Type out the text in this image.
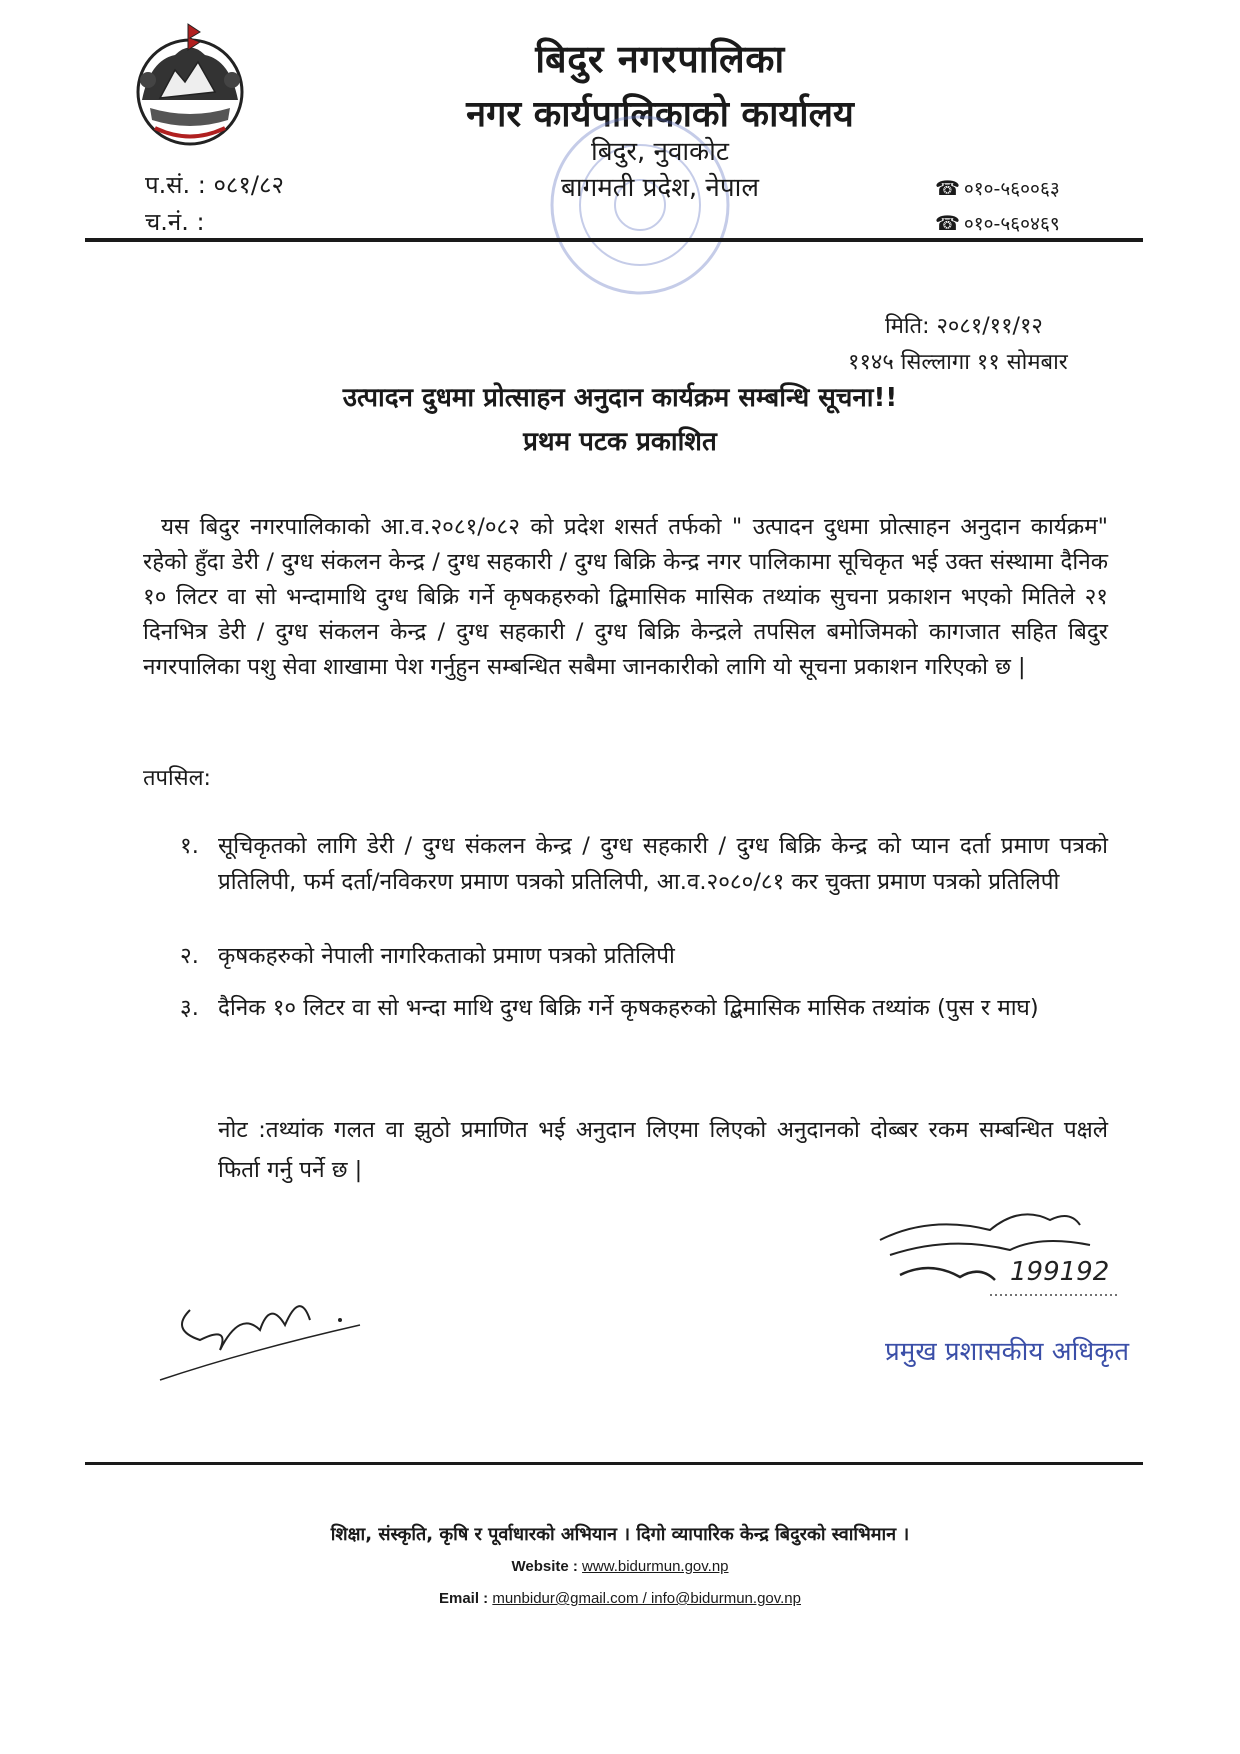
बिदुर नगरपालिका
नगर कार्यपालिकाको कार्यालय
बिदुर, नुवाकोट
बागमती प्रदेश, नेपाल
प.सं. : ०८१/८२
च.नं. :
☎ ०१०-५६००६३
☎ ०१०-५६०४६९
मिति: २०८१/११/१२
११४५ सिल्लागा ११ सोमबार
उत्पादन दुधमा प्रोत्साहन अनुदान कार्यक्रम सम्बन्धि सूचना!!
प्रथम पटक प्रकाशित
यस बिदुर नगरपालिकाको आ.व.२०८१/०८२ को प्रदेश शसर्त तर्फको " उत्पादन दुधमा प्रोत्साहन अनुदान कार्यक्रम" रहेको हुँदा डेरी / दुग्ध संकलन केन्द्र / दुग्ध सहकारी / दुग्ध बिक्रि केन्द्र नगर पालिकामा सूचिकृत भई उक्त संस्थामा दैनिक १० लिटर वा सो भन्दामाथि दुग्ध बिक्रि गर्ने कृषकहरुको द्बिमासिक मासिक तथ्यांक सुचना प्रकाशन भएको मितिले २१ दिनभित्र डेरी / दुग्ध संकलन केन्द्र / दुग्ध सहकारी / दुग्ध बिक्रि केन्द्रले तपसिल बमोजिमको कागजात सहित बिदुर नगरपालिका पशु सेवा शाखामा पेश गर्नुहुन सम्बन्धित सबैमा जानकारीको लागि यो सूचना प्रकाशन गरिएको छ |
तपसिल:
१. सूचिकृतको लागि डेरी / दुग्ध संकलन केन्द्र / दुग्ध सहकारी / दुग्ध बिक्रि केन्द्र को प्यान दर्ता प्रमाण पत्रको प्रतिलिपी, फर्म दर्ता/नविकरण प्रमाण पत्रको प्रतिलिपी, आ.व.२०८०/८१ कर चुक्ता प्रमाण पत्रको प्रतिलिपी
२. कृषकहरुको नेपाली नागरिकताको प्रमाण पत्रको प्रतिलिपी
३. दैनिक १० लिटर वा सो भन्दा माथि दुग्ध बिक्रि गर्ने कृषकहरुको द्बिमासिक मासिक तथ्यांक (पुस र माघ)
नोट :तथ्यांक गलत वा झुठो प्रमाणित भई अनुदान लिएमा लिएको अनुदानको दोब्बर रकम सम्बन्धित पक्षले फिर्ता गर्नु पर्ने छ |
199192
प्रमुख प्रशासकीय अधिकृत
शिक्षा, संस्कृति, कृषि र पूर्वाधारको अभियान । दिगो व्यापारिक केन्द्र बिदुरको स्वाभिमान ।
Website : www.bidurmun.gov.np
Email : munbidur@gmail.com / info@bidurmun.gov.np
